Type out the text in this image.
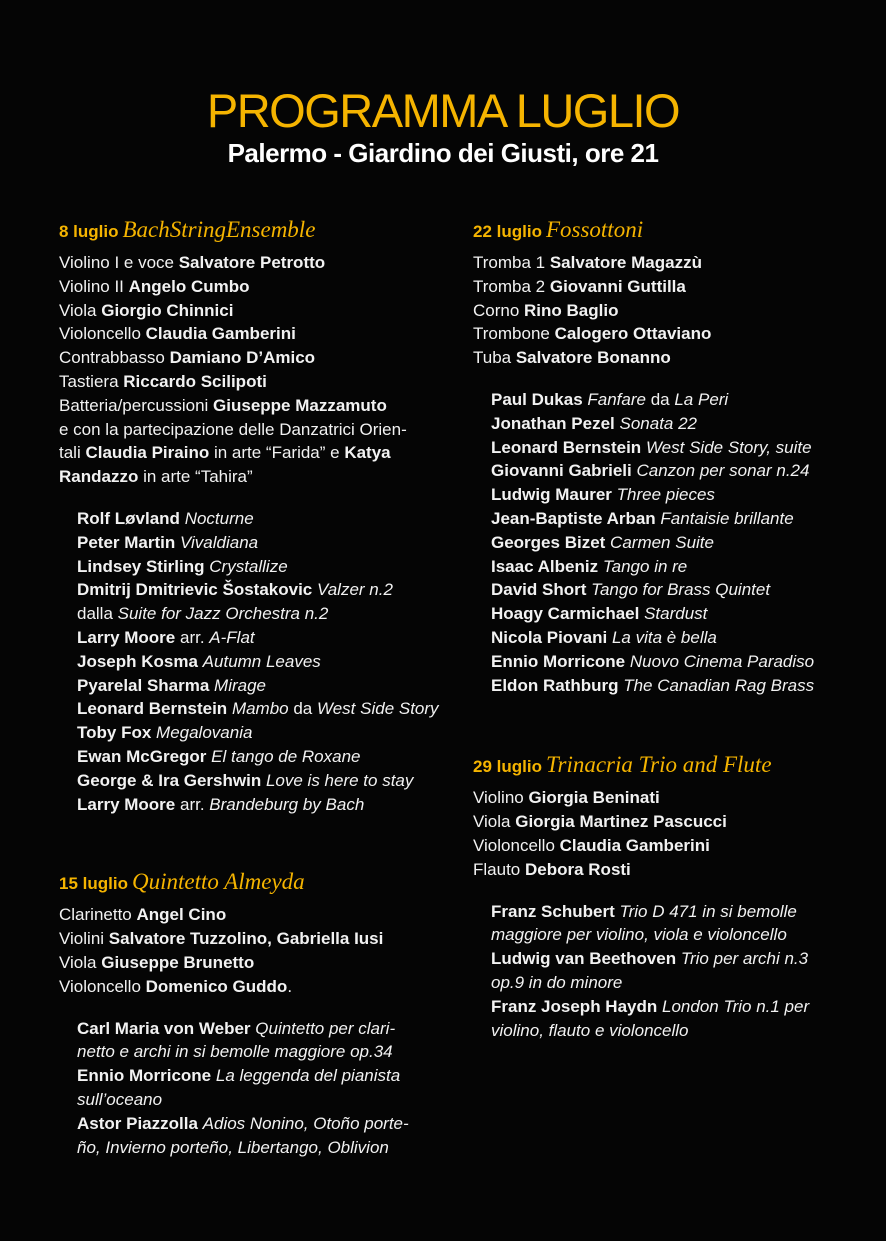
PROGRAMMA LUGLIO
Palermo - Giardino dei Giusti, ore 21
8 luglio BachStringEnsemble
Violino I e voce Salvatore Petrotto
Violino II Angelo Cumbo
Viola Giorgio Chinnici
Violoncello Claudia Gamberini
Contrabbasso Damiano D’Amico
Tastiera Riccardo Scilipoti
Batteria/percussioni Giuseppe Mazzamuto
e con la partecipazione delle Danzatrici Orien-
tali Claudia Piraino in arte “Farida” e Katya
Randazzo in arte “Tahira”
Rolf Løvland Nocturne
Peter Martin Vivaldiana
Lindsey Stirling Crystallize
Dmitrij Dmitrievic Šostakovic Valzer n.2
dalla Suite for Jazz Orchestra n.2
Larry Moore arr. A-Flat
Joseph Kosma Autumn Leaves
Pyarelal Sharma Mirage
Leonard Bernstein Mambo da West Side Story
Toby Fox Megalovania
Ewan McGregor El tango de Roxane
George & Ira Gershwin Love is here to stay
Larry Moore arr. Brandeburg by Bach
15 luglio Quintetto Almeyda
Clarinetto Angel Cino
Violini Salvatore Tuzzolino, Gabriella Iusi
Viola Giuseppe Brunetto
Violoncello Domenico Guddo.
Carl Maria von Weber Quintetto per clari-
netto e archi in si bemolle maggiore op.34
Ennio Morricone La leggenda del pianista
sull’oceano
Astor Piazzolla Adios Nonino, Otoño porte-
ño, Invierno porteño, Libertango, Oblivion
22 luglio Fossottoni
Tromba 1 Salvatore Magazzù
Tromba 2 Giovanni Guttilla
Corno Rino Baglio
Trombone Calogero Ottaviano
Tuba Salvatore Bonanno
Paul Dukas Fanfare da La Peri
Jonathan Pezel Sonata 22
Leonard Bernstein West Side Story, suite
Giovanni Gabrieli Canzon per sonar n.24
Ludwig Maurer Three pieces
Jean-Baptiste Arban Fantaisie brillante
Georges Bizet Carmen Suite
Isaac Albeniz Tango in re
David Short Tango for Brass Quintet
Hoagy Carmichael Stardust
Nicola Piovani La vita è bella
Ennio Morricone Nuovo Cinema Paradiso
Eldon Rathburg The Canadian Rag Brass
29 luglio Trinacria Trio and Flute
Violino Giorgia Beninati
Viola Giorgia Martinez Pascucci
Violoncello Claudia Gamberini
Flauto Debora Rosti
Franz Schubert Trio D 471 in si bemolle
maggiore per violino, viola e violoncello
Ludwig van Beethoven Trio per archi n.3
op.9 in do minore
Franz Joseph Haydn London Trio n.1 per
violino, flauto e violoncello
